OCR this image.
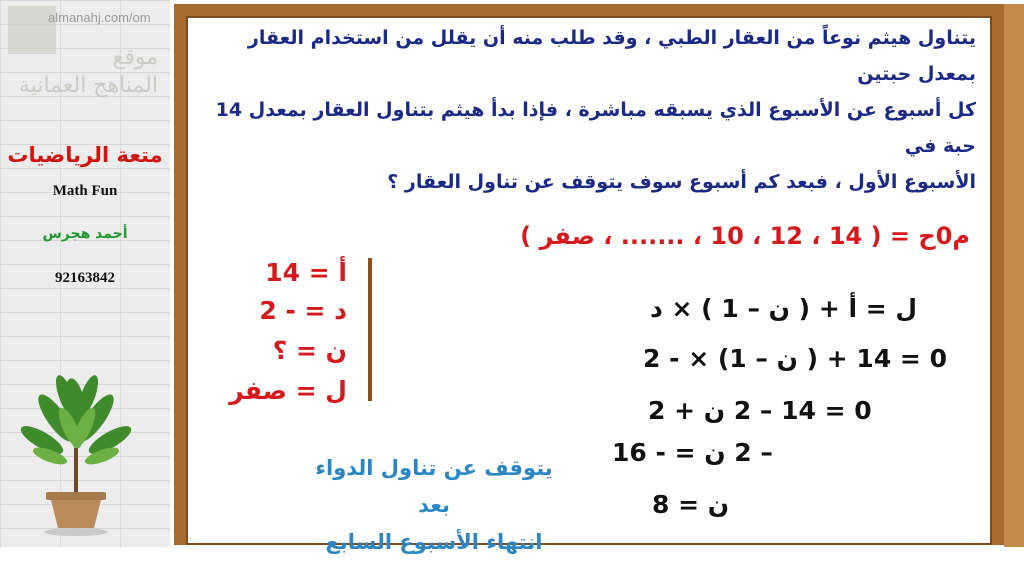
almanahj.com/om
موقع
المناهج العمانية
متعة الرياضيات
Math Fun
أحمد هجرس
92163842
يتناول هيثم نوعاً من العقار الطبي ، وقد طلب منه أن يقلل من استخدام العقار بمعدل حبتين
كل أسبوع عن الأسبوع الذي يسبقه مباشرة ، فإذا بدأ هيثم بتناول العقار بمعدل 14 حبة في
الأسبوع الأول ، فبعد كم أسبوع سوف يتوقف عن تناول العقار ؟
م0ح = ( 14 ، 12 ، 10 ، ....... ، صفر )
أ = 14
د = - 2
ن = ؟
ل = صفر
ل = أ + ( ن – 1 ) × د
0 = 14 + ( ن – 1) × - 2
0 = 14 – 2 ن + 2
– 2 ن = - 16
ن = 8
يتوقف عن تناول الدواء بعد
انتهاء الأسبوع السابع
